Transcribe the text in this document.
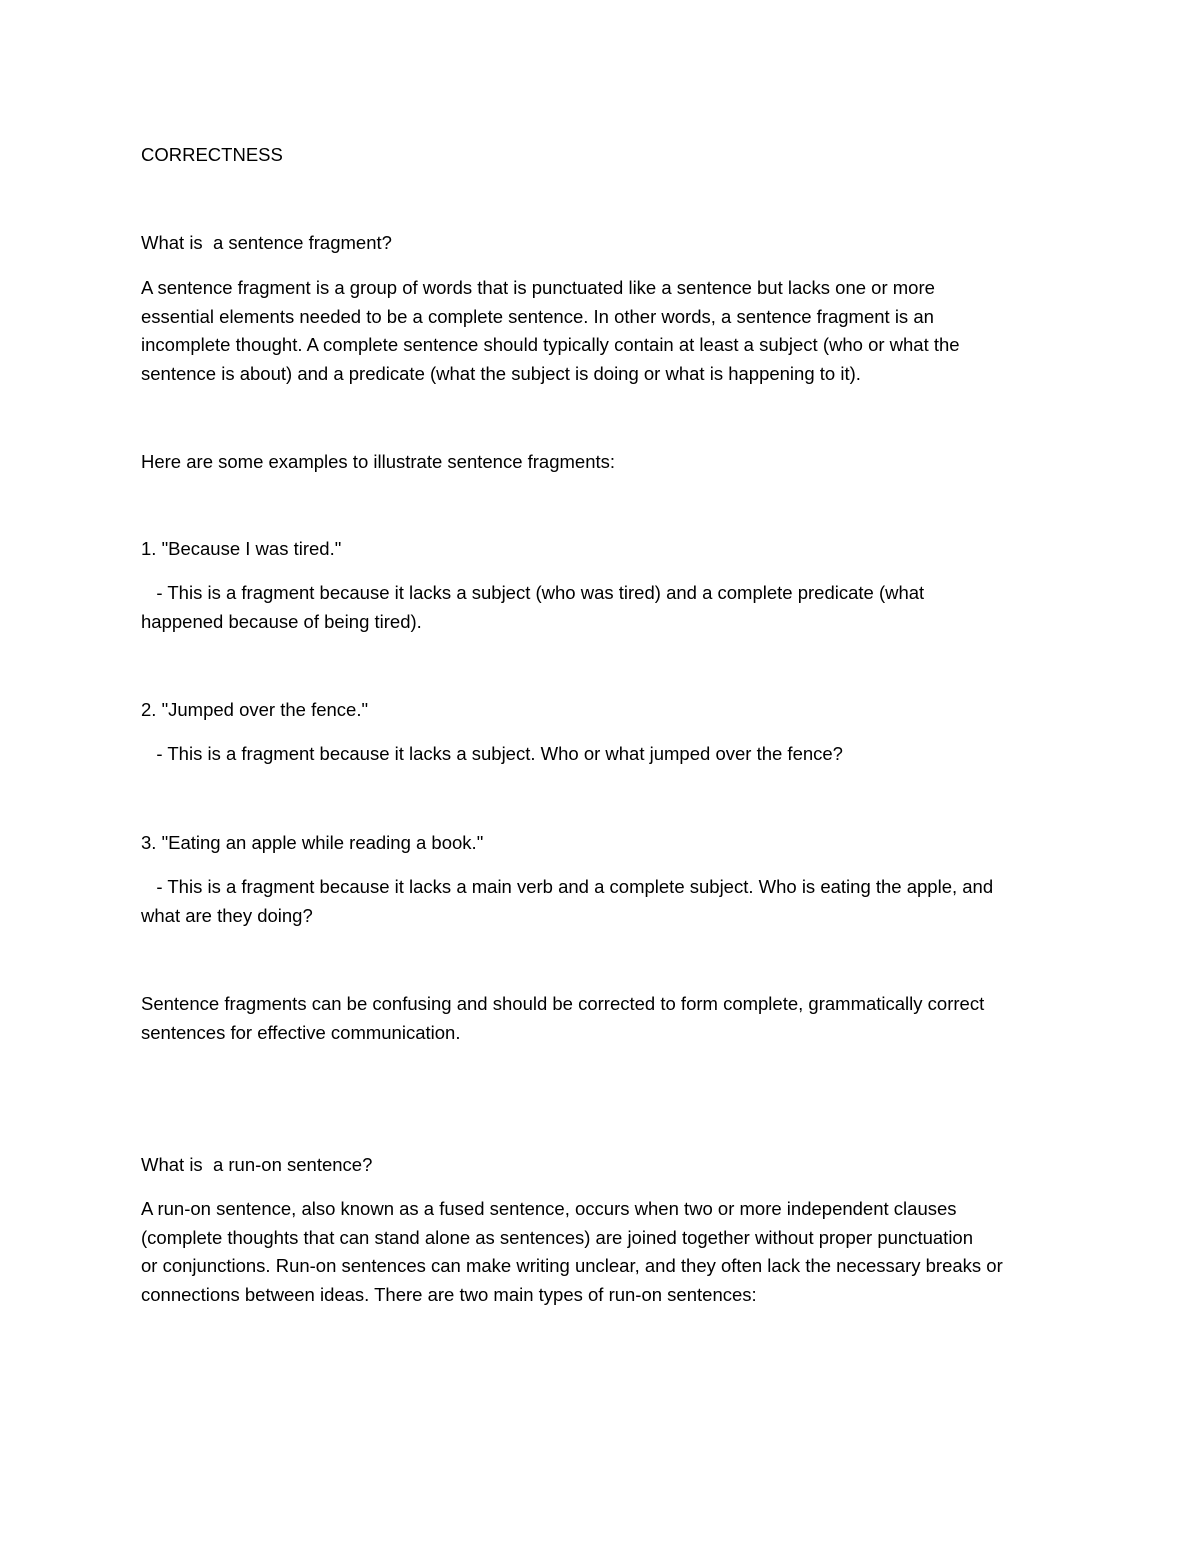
CORRECTNESS

What is  a sentence fragment?

A sentence fragment is a group of words that is punctuated like a sentence but lacks one or more
essential elements needed to be a complete sentence. In other words, a sentence fragment is an
incomplete thought. A complete sentence should typically contain at least a subject (who or what the
sentence is about) and a predicate (what the subject is doing or what is happening to it).

Here are some examples to illustrate sentence fragments:

1. "Because I was tired."

- This is a fragment because it lacks a subject (who was tired) and a complete predicate (what
happened because of being tired).

2. "Jumped over the fence."

- This is a fragment because it lacks a subject. Who or what jumped over the fence?

3. "Eating an apple while reading a book."

- This is a fragment because it lacks a main verb and a complete subject. Who is eating the apple, and
what are they doing?

Sentence fragments can be confusing and should be corrected to form complete, grammatically correct
sentences for effective communication.

What is  a run-on sentence?

A run-on sentence, also known as a fused sentence, occurs when two or more independent clauses
(complete thoughts that can stand alone as sentences) are joined together without proper punctuation
or conjunctions. Run-on sentences can make writing unclear, and they often lack the necessary breaks or
connections between ideas. There are two main types of run-on sentences:
